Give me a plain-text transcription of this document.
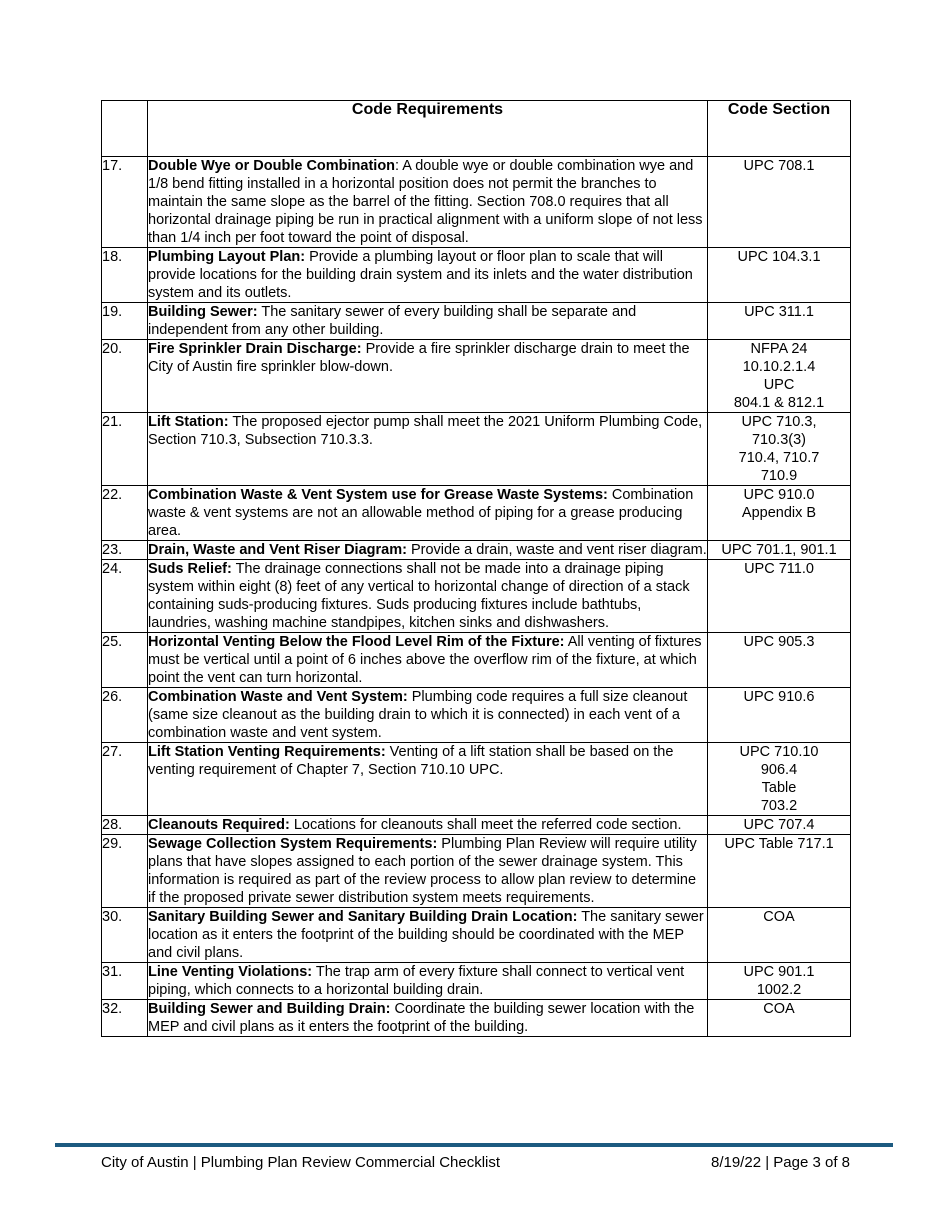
	Code Requirements	Code Section
17.	Double Wye or Double Combination: A double wye or double combination wye and 1/8 bend fitting installed in a horizontal position does not permit the branches to maintain the same slope as the barrel of the fitting. Section 708.0 requires that all horizontal drainage piping be run in practical alignment with a uniform slope of not less than 1/4 inch per foot toward the point of disposal.	UPC 708.1

18.	Plumbing Layout Plan: Provide a plumbing layout or floor plan to scale that will provide locations for the building drain system and its inlets and the water distribution system and its outlets.	UPC 104.3.1

19.	Building Sewer: The sanitary sewer of every building shall be separate and independent from any other building.	UPC 311.1

20.	Fire Sprinkler Drain Discharge: Provide a fire sprinkler discharge drain to meet the City of Austin fire sprinkler blow-down.	NFPA 24
10.10.2.1.4
UPC
804.1 & 812.1

21.	Lift Station: The proposed ejector pump shall meet the 2021 Uniform Plumbing Code, Section 710.3, Subsection 710.3.3.	UPC 710.3,
710.3(3)
710.4, 710.7
710.9

22.	Combination Waste & Vent System use for Grease Waste Systems: Combination waste & vent systems are not an allowable method of piping for a grease producing area.	UPC 910.0
Appendix B

23.	Drain, Waste and Vent Riser Diagram: Provide a drain, waste and vent riser diagram.	UPC 701.1, 901.1

24.	Suds Relief: The drainage connections shall not be made into a drainage piping system within eight (8) feet of any vertical to horizontal change of direction of a stack containing suds-producing fixtures. Suds producing fixtures include bathtubs, laundries, washing machine standpipes, kitchen sinks and dishwashers.	UPC 711.0

25.	Horizontal Venting Below the Flood Level Rim of the Fixture: All venting of fixtures must be vertical until a point of 6 inches above the overflow rim of the fixture, at which point the vent can turn horizontal.	UPC 905.3

26.	Combination Waste and Vent System: Plumbing code requires a full size cleanout (same size cleanout as the building drain to which it is connected) in each vent of a combination waste and vent system.	UPC 910.6

27.	Lift Station Venting Requirements: Venting of a lift station shall be based on the venting requirement of Chapter 7, Section 710.10 UPC.	UPC 710.10
906.4
Table
703.2

28.	Cleanouts Required: Locations for cleanouts shall meet the referred code section.	UPC 707.4

29.	Sewage Collection System Requirements: Plumbing Plan Review will require utility plans that have slopes assigned to each portion of the sewer drainage system. This information is required as part of the review process to allow plan review to determine if the proposed private sewer distribution system meets requirements.	UPC Table 717.1

30.	Sanitary Building Sewer and Sanitary Building Drain Location: The sanitary sewer location as it enters the footprint of the building should be coordinated with the MEP and civil plans.	COA

31.	Line Venting Violations: The trap arm of every fixture shall connect to vertical vent piping, which connects to a horizontal building drain.	UPC 901.1
1002.2

32.	Building Sewer and Building Drain: Coordinate the building sewer location with the MEP and civil plans as it enters the footprint of the building.	COA
City of Austin | Plumbing Plan Review Commercial Checklist	8/19/22 | Page 3 of 8
